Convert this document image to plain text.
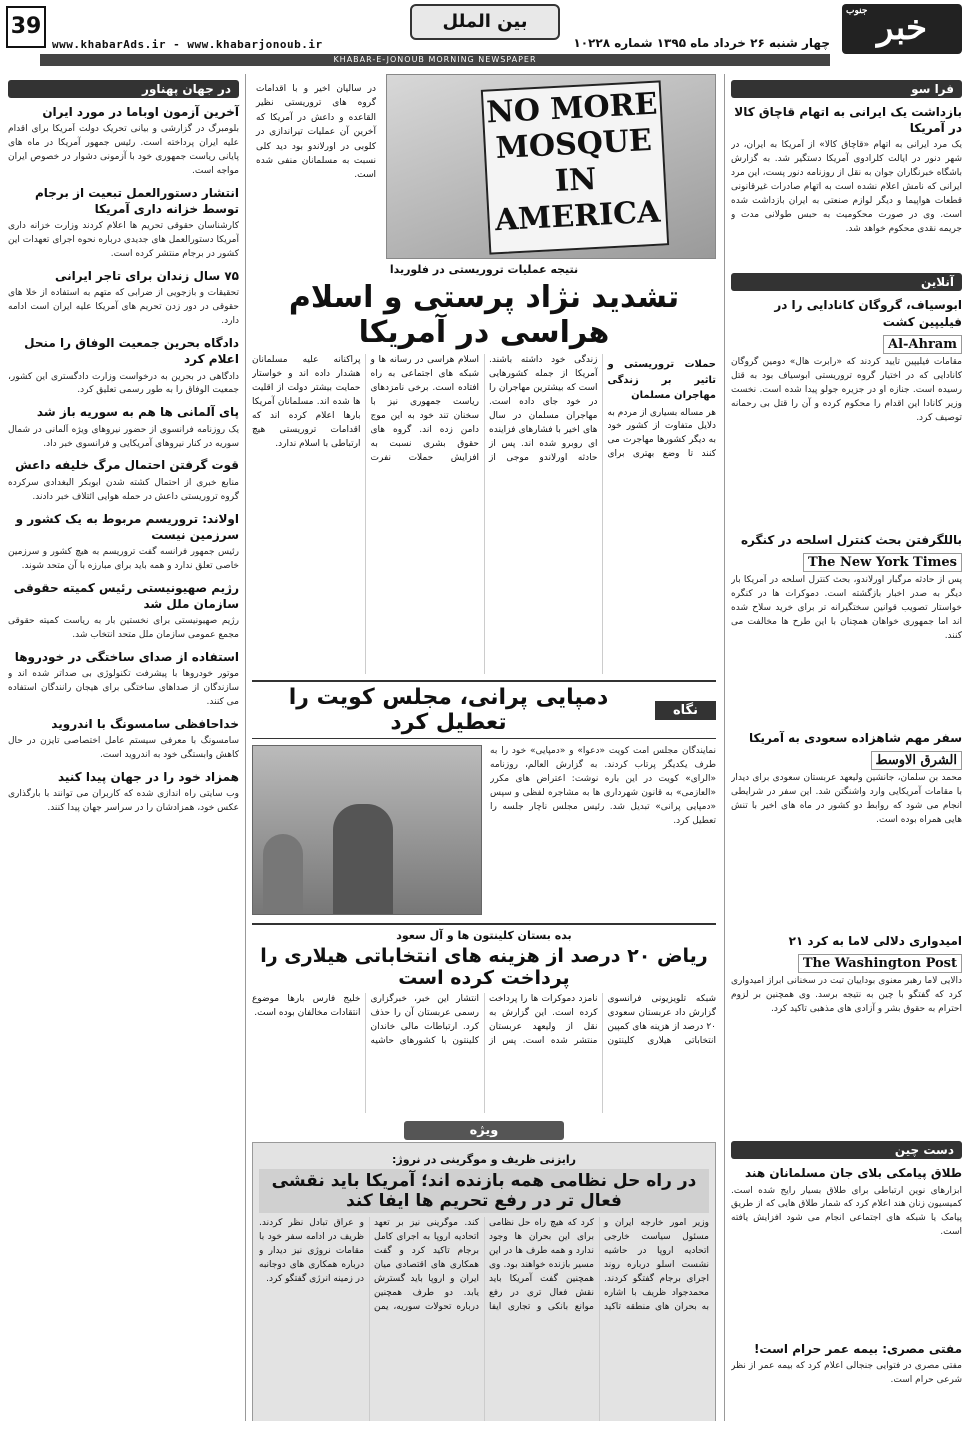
جنوب خبر
چهار شنبه ۲۶ خرداد ماه ۱۳۹۵ شماره ۱۰۲۲۸
بین الملل
www.khabarAds.ir - www.khabarjonoub.ir
39
KHABAR-E-JONOUB MORNING NEWSPAPER
فرا سو
بازداشت یک ایرانی به اتهام قاچاق کالا در آمریکا
یک مرد ایرانی به اتهام «قاچاق کالا» از آمریکا به ایران، در شهر دنور در ایالت کلرادوی آمریکا دستگیر شد. به گزارش باشگاه خبرنگاران جوان به نقل از روزنامه دنور پست، این مرد ایرانی که نامش اعلام نشده است به اتهام صادرات غیرقانونی قطعات هواپیما و دیگر لوازم صنعتی به ایران بازداشت شده است. وی در صورت محکومیت به حبس طولانی مدت و جریمه نقدی محکوم خواهد شد.
آنلاین
ابوسیاف، گروگان کانادایی را در فیلیپین کشت
Al-Ahram
مقامات فیلیپین تایید کردند که «رابرت هال» دومین گروگان کانادایی که در اختیار گروه تروریستی ابوسیاف بود به قتل رسیده است. جنازه او در جزیره جولو پیدا شده است. نخست وزیر کانادا این اقدام را محکوم کرده و آن را قتل بی رحمانه توصیف کرد.
باللگرفتن بحث کنترل اسلحه در کنگره
The New York Times
پس از حادثه مرگبار اورلاندو، بحث کنترل اسلحه در آمریکا بار دیگر به صدر اخبار بازگشته است. دموکرات ها در کنگره خواستار تصویب قوانین سختگیرانه تر برای خرید سلاح شده اند اما جمهوری خواهان همچنان با این طرح ها مخالفت می کنند.
سفر مهم شاهزاده سعودی به آمریکا
الشرق الاوسط
محمد بن سلمان، جانشین ولیعهد عربستان سعودی برای دیدار با مقامات آمریکایی وارد واشنگتن شد. این سفر در شرایطی انجام می شود که روابط دو کشور در ماه های اخیر با تنش هایی همراه بوده است.
امیدواری دلالی لاما به کرد ۲۱
The Washington Post
دالایی لاما رهبر معنوی بوداییان تبت در سخنانی ابراز امیدواری کرد که گفتگو با چین به نتیجه برسد. وی همچنین بر لزوم احترام به حقوق بشر و آزادی های مذهبی تاکید کرد.
دست چین
طلاق پیامکی بلای جان مسلمانان هند
ابزارهای نوین ارتباطی برای طلاق بسیار رایج شده است. کمیسیون زنان هند اعلام کرد که شمار طلاق هایی که از طریق پیامک یا شبکه های اجتماعی انجام می شود افزایش یافته است.
مفتی مصری: بیمه عمر حرام است!
مفتی مصری در فتوایی جنجالی اعلام کرد که بیمه عمر از نظر شرعی حرام است.
در جهان پهناور
آخرین آزمون اوباما در مورد ایران
بلومبرگ در گزارشی و بیانی تحریک دولت آمریکا برای اقدام علیه ایران پرداخته است. رئیس جمهور آمریکا در ماه های پایانی ریاست جمهوری خود با آزمونی دشوار در خصوص ایران مواجه است.
انتشار دستورالعمل تبعیت از برجام توسط خزانه داری آمریکا
کارشناسان حقوقی تحریم ها اعلام کردند وزارت خزانه داری آمریکا دستورالعمل های جدیدی درباره نحوه اجرای تعهدات این کشور در برجام منتشر کرده است.
۷۵ سال زندان برای تاجر ایرانی
تحقیقات و بازجویی از ضرابی که متهم به استفاده از خلا های حقوقی در دور زدن تحریم های آمریکا علیه ایران است ادامه دارد.
دادگاه بحرین جمعیت الوفاق را منحل اعلام کرد
دادگاهی در بحرین به درخواست وزارت دادگستری این کشور، جمعیت الوفاق را به طور رسمی تعلیق کرد.
پای آلمانی ها هم به سوریه باز شد
یک روزنامه فرانسوی از حضور نیروهای ویژه آلمانی در شمال سوریه در کنار نیروهای آمریکایی و فرانسوی خبر داد.
قوت گرفتن احتمال مرگ خلیفه داعش
منابع خبری از احتمال کشته شدن ابوبکر البغدادی سرکرده گروه تروریستی داعش در حمله هوایی ائتلاف خبر دادند.
اولاند: تروریسم مربوط به یک کشور و سرزمین نیست
رئیس جمهور فرانسه گفت تروریسم به هیچ کشور و سرزمین خاصی تعلق ندارد و همه باید برای مبارزه با آن متحد شوند.
رژیم صهیونیستی رئیس کمیته حقوقی سازمان ملل شد
رژیم صهیونیستی برای نخستین بار به ریاست کمیته حقوقی مجمع عمومی سازمان ملل متحد انتخاب شد.
استفاده از صدای ساختگی در خودروها
موتور خودروها با پیشرفت تکنولوژی بی صداتر شده اند و سازندگان از صداهای ساختگی برای هیجان رانندگان استفاده می کنند.
خداحافظی سامسونگ با اندروید
سامسونگ با معرفی سیستم عامل اختصاصی تایزن در حال کاهش وابستگی خود به اندروید است.
همزاد خود را در جهان پیدا کنید
وب سایتی راه اندازی شده که کاربران می توانند با بارگذاری عکس خود، همزادشان را در سراسر جهان پیدا کنند.
NO MORE MOSQUE IN AMERICA
در سالیان اخیر و با اقدامات گروه های تروریستی نظیر القاعده و داعش در آمریکا که آخرین آن عملیات تیراندازی در کلوبی در اورلاندو بود دید کلی نسبت به مسلمانان منفی شده است.
نتیجه عملیات تروریستی در فلوریدا
تشدید نژاد پرستی و اسلام هراسی در آمریکا
حملات تروریستی و تاثیر بر زندگی مهاجران مسلمان
هر مساله بسیاری از مردم به دلایل متفاوت از کشور خود به دیگر کشورها مهاجرت می کنند تا وضع بهتری برای زندگی خود داشته باشند. آمریکا از جمله کشورهایی است که بیشترین مهاجران را در خود جای داده است. مهاجران مسلمان در سال های اخیر با فشارهای فزاینده ای روبرو شده اند. پس از حادثه اورلاندو موجی از اسلام هراسی در رسانه ها و شبکه های اجتماعی به راه افتاده است. برخی نامزدهای ریاست جمهوری نیز با سخنان تند خود به این موج دامن زده اند. گروه های حقوق بشری نسبت به افزایش حملات نفرت پراکنانه علیه مسلمانان هشدار داده اند و خواستار حمایت بیشتر دولت از اقلیت ها شده اند. مسلمانان آمریکا بارها اعلام کرده اند که اقدامات تروریستی هیچ ارتباطی با اسلام ندارد.
نگاه
دمپایی پرانی، مجلس کویت را تعطیل کرد
نمایندگان مجلس امت کویت «دعوا» و «دمپایی» خود را به طرف یکدیگر پرتاب کردند. به گزارش العالم، روزنامه «الرای» کویت در این باره نوشت: اعتراض های مکرر «العازمی» به قانون شهرداری ها به مشاجره لفظی و سپس «دمپایی پرانی» تبدیل شد. رئیس مجلس ناچار جلسه را تعطیل کرد.
بده بستان کلینتون ها و آل سعود
ریاض ۲۰ درصد از هزینه های انتخاباتی هیلاری را پرداخت کرده است
شبکه تلویزیونی فرانسوی گزارش داد عربستان سعودی ۲۰ درصد از هزینه های کمپین انتخاباتی هیلاری کلینتون نامزد دموکرات ها را پرداخت کرده است. این گزارش به نقل از ولیعهد عربستان منتشر شده است. پس از انتشار این خبر، خبرگزاری رسمی عربستان آن را حذف کرد. ارتباطات مالی خاندان کلینتون با کشورهای حاشیه خلیج فارس بارها موضوع انتقادات مخالفان بوده است.
ویژه
رایزنی ظریف و موگرینی در نروژ:
در راه حل نظامی همه بازنده اند؛ آمریکا باید نقشی فعال تر در رفع تحریم ها ایفا کند
وزیر امور خارجه ایران و مسئول سیاست خارجی اتحادیه اروپا در حاشیه نشست اسلو درباره روند اجرای برجام گفتگو کردند. محمدجواد ظریف با اشاره به بحران های منطقه تاکید کرد که هیچ راه حل نظامی برای این بحران ها وجود ندارد و همه طرف ها در این مسیر بازنده خواهند بود. وی همچنین گفت آمریکا باید نقش فعال تری در رفع موانع بانکی و تجاری ایفا کند. موگرینی نیز بر تعهد اتحادیه اروپا به اجرای کامل برجام تاکید کرد و گفت همکاری های اقتصادی میان ایران و اروپا باید گسترش یابد. دو طرف همچنین درباره تحولات سوریه، یمن و عراق تبادل نظر کردند. ظریف در ادامه سفر خود با مقامات نروژی نیز دیدار و درباره همکاری های دوجانبه در زمینه انرژی گفتگو کرد.
